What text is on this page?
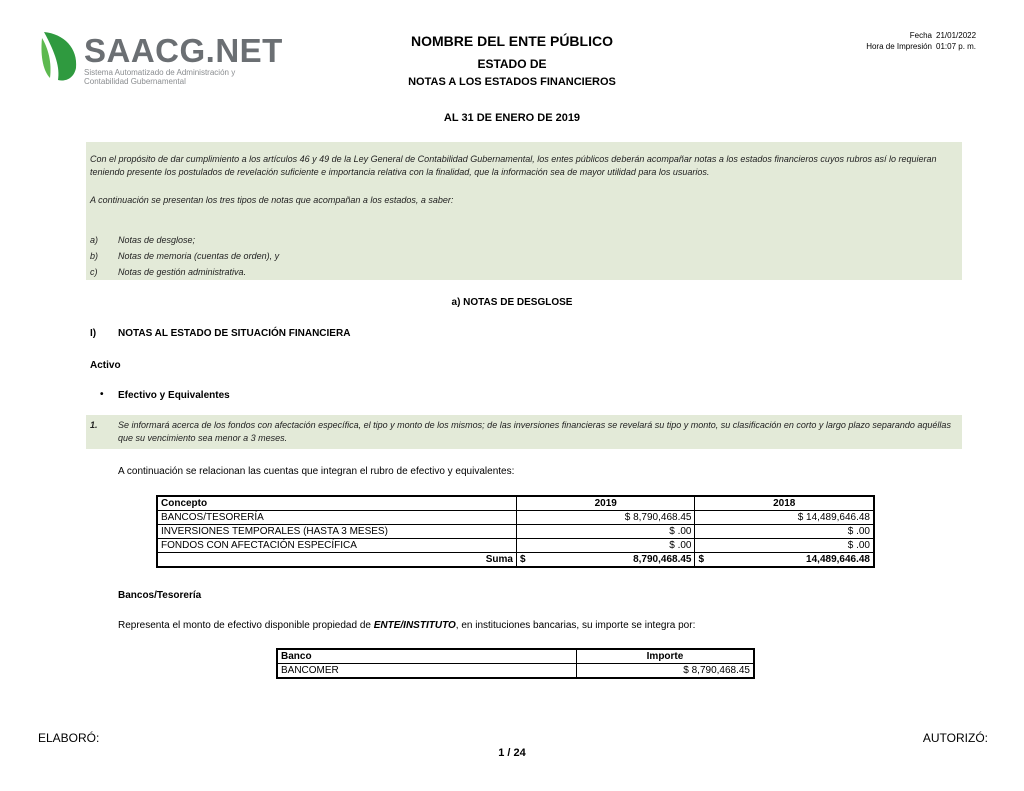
SAACG.NET
Sistema Automatizado de Administración y
Contabilidad Gubernamental
NOMBRE DEL ENTE PÚBLICO
ESTADO DE
NOTAS A LOS ESTADOS FINANCIEROS
AL 31 DE ENERO DE 2019
Fecha
Hora de Impresión
21/01/2022
01:07 p. m.
Con el propósito de dar cumplimiento a los artículos 46 y 49 de la Ley General de Contabilidad Gubernamental, los entes públicos deberán acompañar notas a los estados financieros cuyos rubros así lo requieran teniendo presente los postulados de revelación suficiente e importancia relativa con la finalidad, que la información sea de mayor utilidad para los usuarios.
A continuación se presentan los tres tipos de notas que acompañan a los estados, a saber:
a) Notas de desglose;
b) Notas de memoria (cuentas de orden), y
c) Notas de gestión administrativa.
a) NOTAS DE DESGLOSE
I) NOTAS AL ESTADO DE SITUACIÓN FINANCIERA
Activo
• Efectivo y Equivalentes
1. Se informará acerca de los fondos con afectación específica, el tipo y monto de los mismos; de las inversiones financieras se revelará su tipo y monto, su clasificación en corto y largo plazo separando aquéllas que su vencimiento sea menor a 3 meses.
A continuación se relacionan las cuentas que integran el rubro de efectivo y equivalentes:
Concepto	2019		2018	
BANCOS/TESORERÍA	$ 8,790,468.45		$ 14,489,646.48	
INVERSIONES TEMPORALES (HASTA 3 MESES)	$ .00		$ .00	
FONDOS CON AFECTACIÓN ESPECÍFICA	$ .00		$ .00	
Suma	$	8,790,468.45	$	14,489,646.48
Bancos/Tesorería
Representa el monto de efectivo disponible propiedad de ENTE/INSTITUTO, en instituciones bancarias, su importe se integra por:
Banco	Importe
BANCOMER	$ 8,790,468.45
ELABORÓ:	AUTORIZÓ:
1 / 24
